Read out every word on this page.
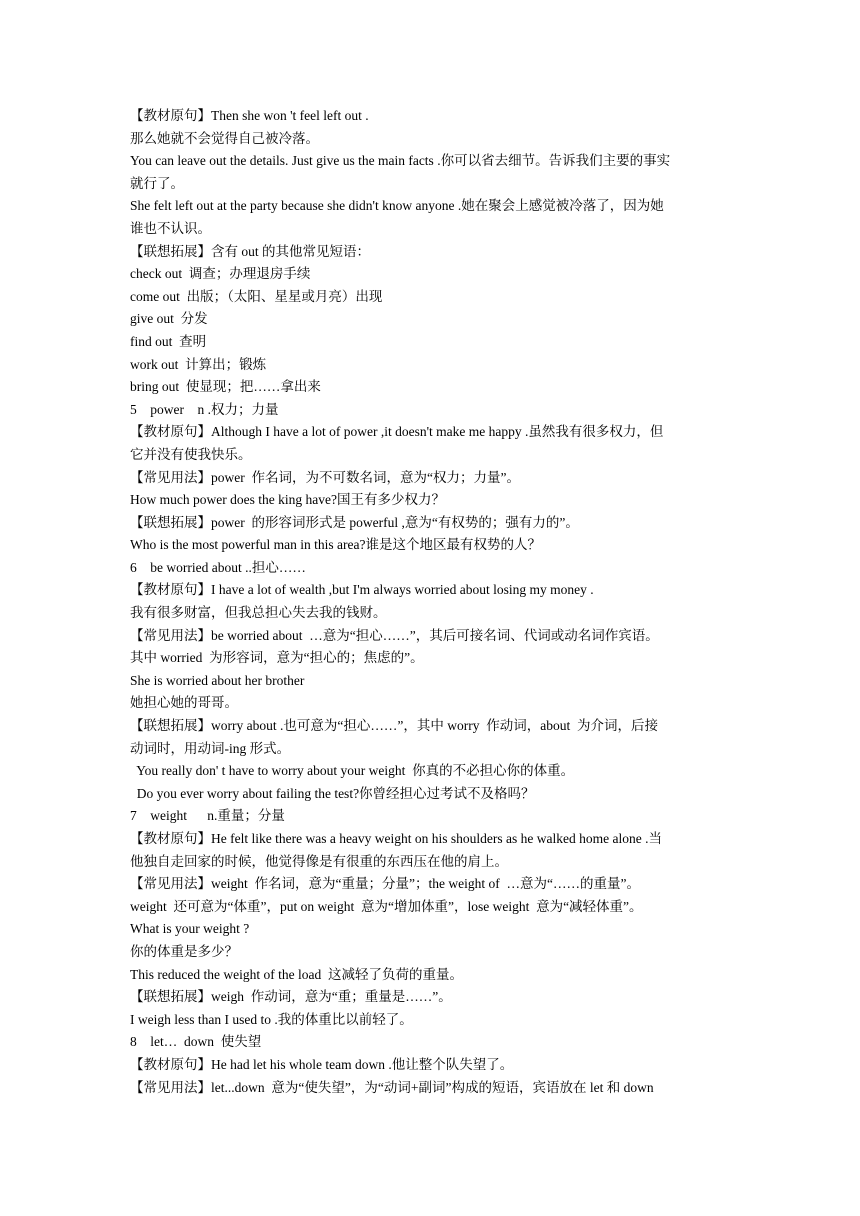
【教材原句】Then she won 't feel left out .
那么她就不会觉得自己被冷落。
You can leave out the details. Just give us the main facts .你可以省去细节。告诉我们主要的事实
就行了。
She felt left out at the party because she didn't know anyone .她在聚会上感觉被冷落了，因为她
谁也不认识。
【联想拓展】含有 out 的其他常见短语：
check out  调查；办理退房手续
come out  出版；（太阳、星星或月亮）出现
give out  分发
find out  查明
work out  计算出；锻炼
bring out  使显现；把……拿出来
5    power    n .权力；力量
【教材原句】Although I have a lot of power ,it doesn't make me happy .虽然我有很多权力，但
它并没有使我快乐。
【常见用法】power  作名词，为不可数名词，意为“权力；力量”。
How much power does the king have?国王有多少权力？
【联想拓展】power  的形容词形式是 powerful ,意为“有权势的；强有力的”。
Who is the most powerful man in this area?谁是这个地区最有权势的人？
6    be worried about ..担心……
【教材原句】I have a lot of wealth ,but I'm always worried about losing my money .
我有很多财富，但我总担心失去我的钱财。
【常见用法】be worried about  …意为“担心……”，其后可接名词、代词或动名词作宾语。
其中 worried  为形容词，意为“担心的；焦虑的”。
She is worried about her brother
她担心她的哥哥。
【联想拓展】worry about .也可意为“担心……”，其中 worry  作动词，about  为介词，后接
动词时，用动词-ing 形式。
You really don' t have to worry about your weight  你真的不必担心你的体重。
Do you ever worry about failing the test?你曾经担心过考试不及格吗？
7    weight      n.重量；分量
【教材原句】He felt like there was a heavy weight on his shoulders as he walked home alone .当
他独自走回家的时候，他觉得像是有很重的东西压在他的肩上。
【常见用法】weight  作名词，意为“重量；分量”；the weight of  …意为“……的重量”。
weight  还可意为“体重”，put on weight  意为“增加体重”，lose weight  意为“减轻体重”。
What is your weight ?
你的体重是多少？
This reduced the weight of the load  这减轻了负荷的重量。
【联想拓展】weigh  作动词，意为“重；重量是……”。
I weigh less than I used to .我的体重比以前轻了。
8    let…  down  使失望
【教材原句】He had let his whole team down .他让整个队失望了。
【常见用法】let...down  意为“使失望”，为“动词+副词”构成的短语，宾语放在 let 和 down
